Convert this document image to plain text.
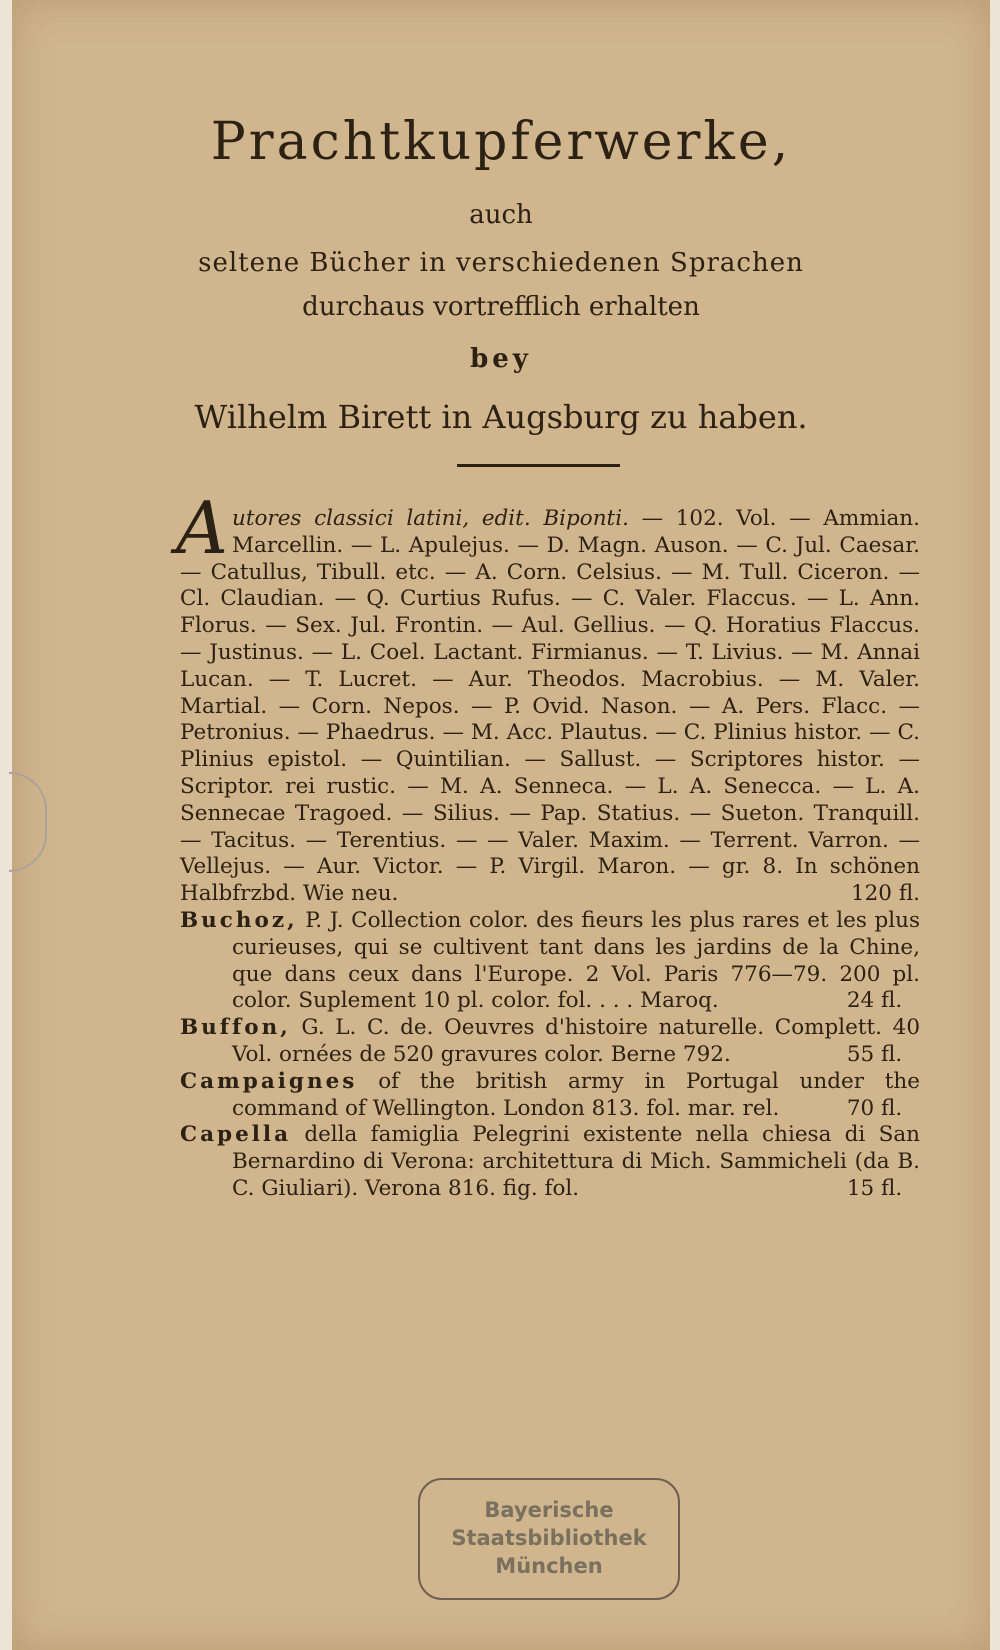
Prachtkupferwerke,
auch
seltene Bücher in verschiedenen Sprachen
durchaus vortrefflich erhalten
bey
Wilhelm Birett in Augsburg zu haben.

Autores classici latini, edit. Biponti. — 102. Vol. — Ammian. Marcellin. — L. Apulejus. — D. Magn. Auson. — C. Jul. Caesar. — Catullus, Tibull. etc. — A. Corn. Celsius. — M. Tull. Ciceron. — Cl. Claudian. — Q. Curtius Rufus. — C. Valer. Flaccus. — L. Ann. Florus. — Sex. Jul. Frontin. — Aul. Gellius. — Q. Horatius Flaccus. — Justinus. — L. Coel. Lactant. Firmianus. — T. Livius. — M. Annai Lucan. — T. Lucret. — Aur. Theodos. Macrobius. — M. Valer. Martial. — Corn. Nepos. — P. Ovid. Nason. — A. Pers. Flacc. — Petronius. — Phaedrus. — M. Acc. Plautus. — C. Plinius histor. — C. Plinius epistol. — Quintilian. — Sallust. — Scriptores histor. — Scriptor. rei rustic. — M. A. Senneca. — L. A. Senecca. — L. A. Sennecae Tragoed. — Silius. — Pap. Statius. — Sueton. Tranquill. — Tacitus. — Terentius. — — Valer. Maxim. — Terrent. Varron. — Vellejus. — Aur. Victor. — P. Virgil. Maron. — gr. 8. In schönen Halbfrzbd. Wie neu.	120 fl.

Buchoz, P. J. Collection color. des fieurs les plus rares et les plus curieuses, qui se cultivent tant dans les jardins de la Chine, que dans ceux dans l'Europe. 2 Vol. Paris 776—79. 200 pl. color. Suplement 10 pl. color. fol. . . . Maroq.	24 fl.

Buffon, G. L. C. de. Oeuvres d'histoire naturelle. Complett. 40 Vol. ornées de 520 gravures color. Berne 792.	55 fl.

Campaignes of the british army in Portugal under the command of Wellington. London 813. fol. mar. rel.	70 fl.

Capella della famiglia Pelegrini existente nella chiesa di San Bernardino di Verona: architettura di Mich. Sammicheli (da B. C. Giuliari). Verona 816. fig. fol.	15 fl.

Bayerische
Staatsbibliothek
München
